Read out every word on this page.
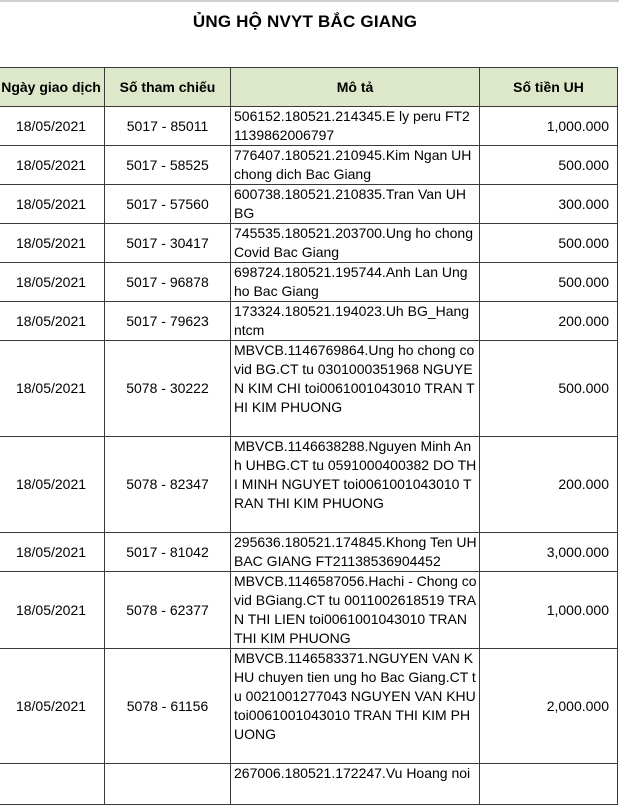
ỦNG HỘ NVYT BẮC GIANG
Ngày giao dịch	Số tham chiếu	Mô tả	Số tiền UH
18/05/2021	5017 - 85011	506152.180521.214345.E ly peru FT21139862006797	1,000.000
18/05/2021	5017 - 58525	776407.180521.210945.Kim Ngan UH chong dich Bac Giang	500.000
18/05/2021	5017 - 57560	600738.180521.210835.Tran Van UH BG	300.000
18/05/2021	5017 - 30417	745535.180521.203700.Ung ho chong Covid Bac Giang	500.000
18/05/2021	5017 - 96878	698724.180521.195744.Anh Lan Ung ho Bac Giang	500.000
18/05/2021	5017 - 79623	173324.180521.194023.Uh BG_Hang ntcm	200.000
18/05/2021	5078 - 30222	MBVCB.1146769864.Ung ho chong covid BG.CT tu 0301000351968 NGUYEN KIM CHI toi0061001043010 TRAN THI KIM PHUONG	500.000
18/05/2021	5078 - 82347	MBVCB.1146638288.Nguyen Minh Anh UHBG.CT tu 0591000400382 DO THI MINH NGUYET toi0061001043010 TRAN THI KIM PHUONG	200.000
18/05/2021	5017 - 81042	295636.180521.174845.Khong Ten UH BAC GIANG FT21138536904452	3,000.000
18/05/2021	5078 - 62377	MBVCB.1146587056.Hachi - Chong covid BGiang.CT tu 0011002618519 TRAN THI LIEN toi0061001043010 TRAN THI KIM PHUONG	1,000.000
18/05/2021	5078 - 61156	MBVCB.1146583371.NGUYEN VAN KHU chuyen tien ung ho Bac Giang.CT tu 0021001277043 NGUYEN VAN KHU toi0061001043010 TRAN THI KIM PHUONG	2,000.000
		267006.180521.172247.Vu Hoang noi	
